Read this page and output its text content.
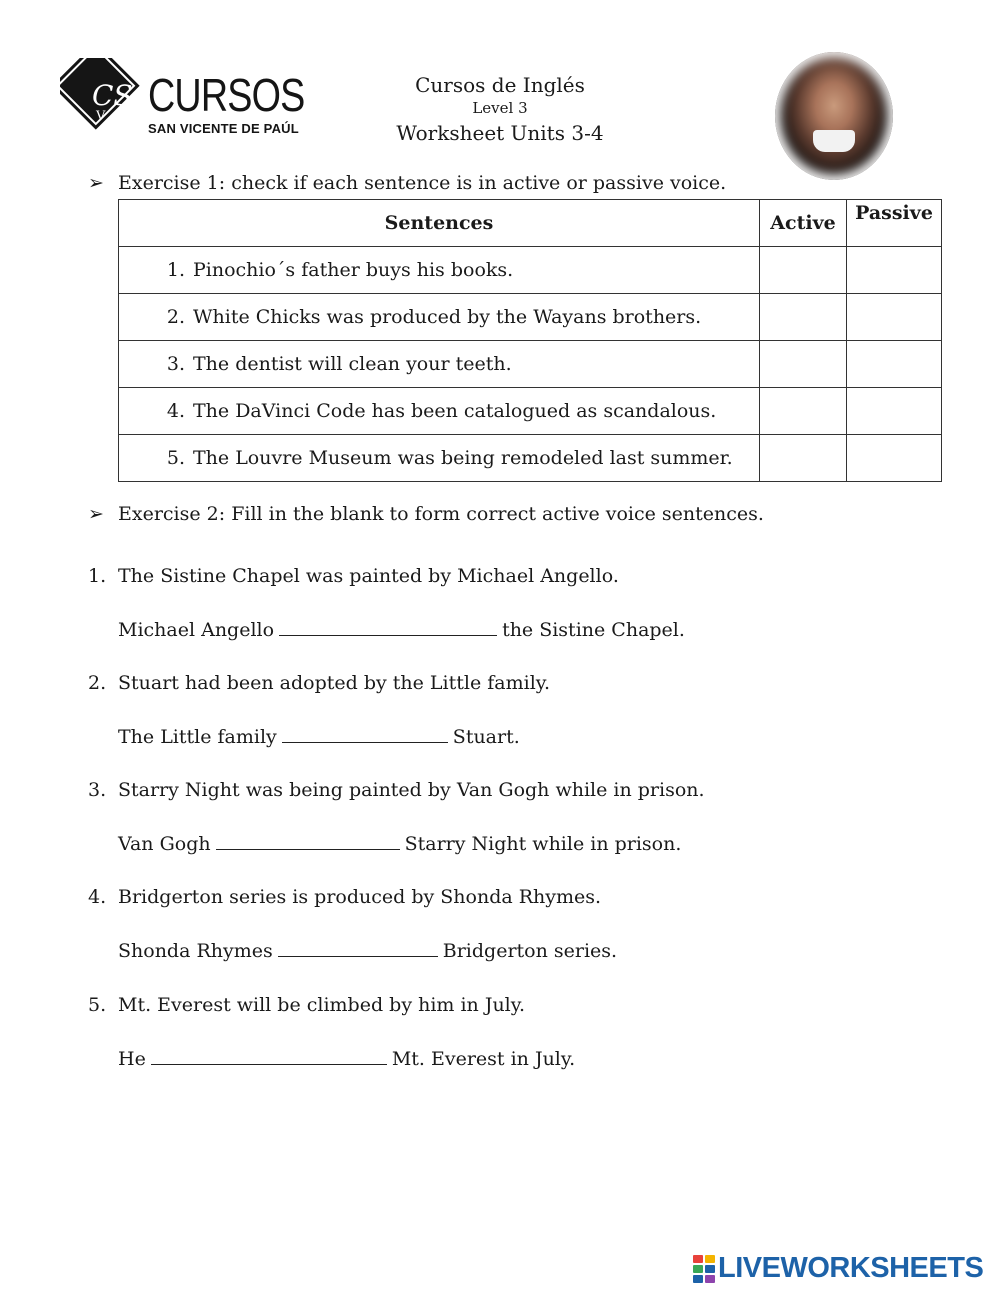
CS
V CURSOS
SAN VICENTE DE PAÚL
Cursos de Inglés
Level 3
Worksheet Units 3-4
➢ Exercise 1: check if each sentence is in active or passive voice.
Sentences	Active	Passive
1. Pinochio´s father buys his books.		
2. White Chicks was produced by the Wayans brothers.		
3. The dentist will clean your teeth.		
4. The DaVinci Code has been catalogued as scandalous.		
5. The Louvre Museum was being remodeled last summer.		
➢ Exercise 2: Fill in the blank to form correct active voice sentences.
1. The Sistine Chapel was painted by Michael Angello.
Michael Angello	the Sistine Chapel.
2. Stuart had been adopted by the Little family.
The Little family	Stuart.
3. Starry Night was being painted by Van Gogh while in prison.
Van Gogh	Starry Night while in prison.
4. Bridgerton series is produced by Shonda Rhymes.
Shonda Rhymes	Bridgerton series.
5. Mt. Everest will be climbed by him in July.
He	Mt. Everest in July.
LIVEWORKSHEETS
